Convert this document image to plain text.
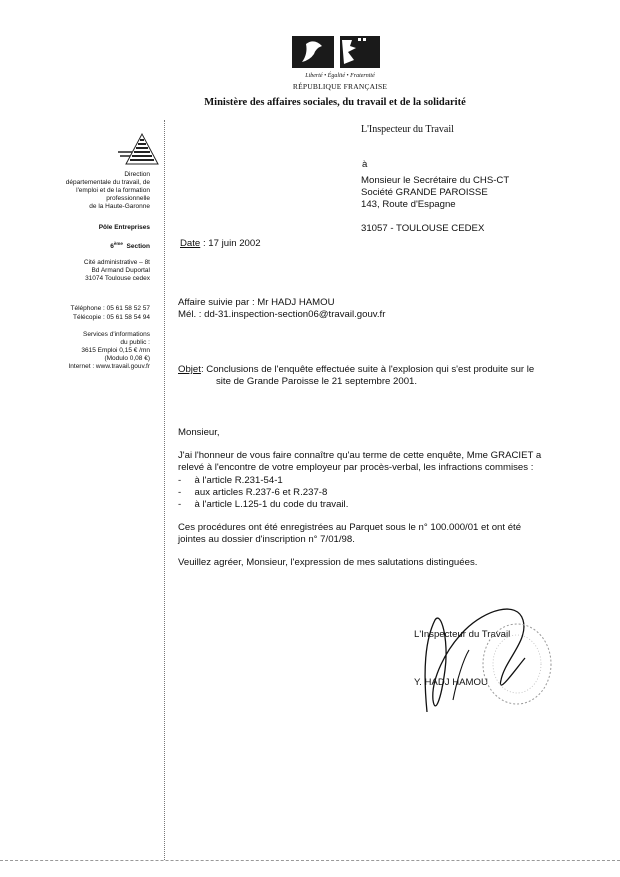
Liberté • Égalité • Fraternité
RÉPUBLIQUE FRANÇAISE
Ministère des affaires sociales, du travail et de la solidarité
Direction
départementale du travail, de
l'emploi et de la formation
professionnelle
de la Haute-Garonne
Pôle Entreprises
6ème Section
Cité administrative – 8t
Bd Armand Duportal
31074 Toulouse cedex
Téléphone : 05 61 58 52 57
Télécopie : 05 61 58 54 94
Services d'informations
du public :
3615 Emploi 0,15 € /mn
(Modulo 0,08 €)
Internet : www.travail.gouv.fr
L'Inspecteur du Travail
à
Monsieur le Secrétaire du CHS-CT
Société GRANDE PAROISSE
143, Route d'Espagne
31057 - TOULOUSE CEDEX
Date : 17 juin 2002
Affaire suivie par : Mr HADJ HAMOU
Mél. : dd-31.inspection-section06@travail.gouv.fr
Objet: Conclusions de l'enquête effectuée suite à l'explosion qui s'est produite sur le
site de Grande Paroisse le 21 septembre 2001.
Monsieur,
J'ai l'honneur de vous faire connaître qu'au terme de cette enquête, Mme GRACIET a
relevé à l'encontre de votre employeur par procès-verbal, les infractions commises :
-     à l'article R.231-54-1
-     aux articles R.237-6 et R.237-8
-     à l'article L.125-1 du code du travail.
Ces procédures ont été enregistrées au Parquet sous le n° 100.000/01 et ont été
jointes au dossier d'inscription n° 7/01/98.
Veuillez agréer, Monsieur, l'expression de mes salutations distinguées.
L'Inspecteur du Travail
Y. HADJ HAMOU
